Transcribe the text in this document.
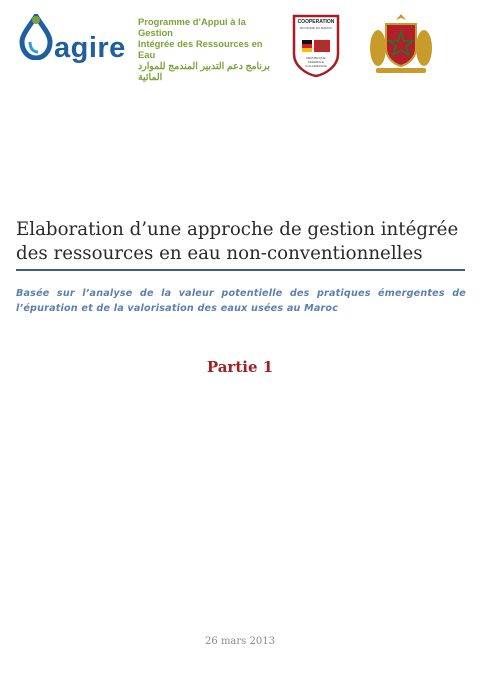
agire
Programme d’Appui à la Gestion
Intégrée des Ressources en Eau
برنامج دعم التدبير المندمج للموارد المائية
COOPERATION
ROYAUME DU MAROC
REPUBLIQUE FEDERALE D’ALLEMAGNE
Elaboration d’une approche de gestion intégrée des ressources en eau non-conventionnelles
Basée sur l’analyse de la valeur potentielle des pratiques émergentes de l’épuration et de la valorisation des eaux usées au Maroc
Partie 1
26 mars 2013
